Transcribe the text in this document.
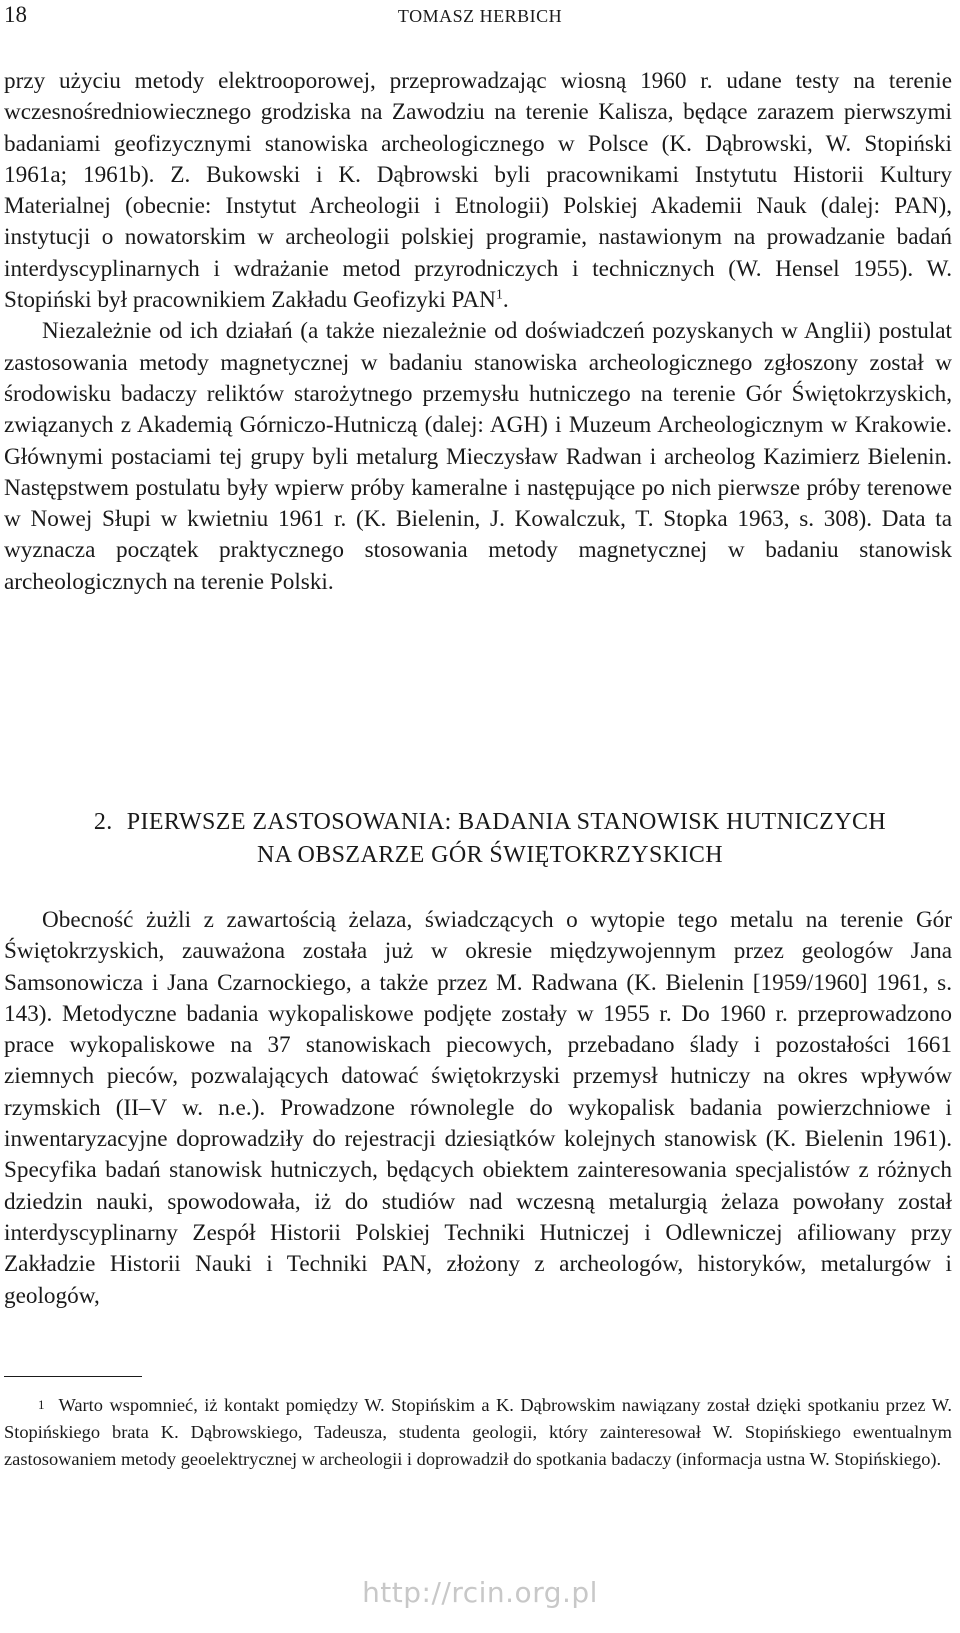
18	TOMASZ HERBICH

przy użyciu metody elektrooporowej, przeprowadzając wiosną 1960 r. udane testy na terenie wczesnośredniowiecznego grodziska na Zawodziu na terenie Kalisza, będące zarazem pierwszymi badaniami geofizycznymi stanowiska archeologicznego w Polsce (K. Dąbrowski, W. Stopiński 1961a; 1961b). Z. Bukowski i K. Dąbrowski byli pracownikami Instytutu Historii Kultury Materialnej (obecnie: Instytut Archeologii i Etnologii) Polskiej Akademii Nauk (dalej: PAN), instytucji o nowatorskim w archeologii polskiej programie, nastawionym na prowadzanie badań interdyscyplinarnych i wdrażanie metod przyrodniczych i technicznych (W. Hensel 1955). W. Stopiński był pracownikiem Zakładu Geofizyki PAN$^1$.

Niezależnie od ich działań (a także niezależnie od doświadczeń pozyskanych w Anglii) postulat zastosowania metody magnetycznej w badaniu stanowiska archeologicznego zgłoszony został w środowisku badaczy reliktów starożytnego przemysłu hutniczego na terenie Gór Świętokrzyskich, związanych z Akademią Górniczo-Hutniczą (dalej: AGH) i Muzeum Archeologicznym w Krakowie. Głównymi postaciami tej grupy byli metalurg Mieczysław Radwan i archeolog Kazimierz Bielenin. Następstwem postulatu były wpierw próby kameralne i następujące po nich pierwsze próby terenowe w Nowej Słupi w kwietniu 1961 r. (K. Bielenin, J. Kowalczuk, T. Stopka 1963, s. 308). Data ta wyznacza początek praktycznego stosowania metody magnetycznej w badaniu stanowisk archeologicznych na terenie Polski.

2. PIERWSZE ZASTOSOWANIA: BADANIA STANOWISK HUTNICZYCH
NA OBSZARZE GÓR ŚWIĘTOKRZYSKICH

Obecność żużli z zawartością żelaza, świadczących o wytopie tego metalu na terenie Gór Świętokrzyskich, zauważona została już w okresie międzywojennym przez geologów Jana Samsonowicza i Jana Czarnockiego, a także przez M. Radwana (K. Bielenin [1959/1960] 1961, s. 143). Metodyczne badania wykopaliskowe podjęte zostały w 1955 r. Do 1960 r. przeprowadzono prace wykopaliskowe na 37 stanowiskach piecowych, przebadano ślady i pozostałości 1661 ziemnych pieców, pozwalających datować świętokrzyski przemysł hutniczy na okres wpływów rzymskich (II–V w. n.e.). Prowadzone równolegle do wykopalisk badania powierzchniowe i inwentaryzacyjne doprowadziły do rejestracji dziesiątków kolejnych stanowisk (K. Bielenin 1961). Specyfika badań stanowisk hutniczych, będących obiektem zainteresowania specjalistów z różnych dziedzin nauki, spowodowała, iż do studiów nad wczesną metalurgią żelaza powołany został interdyscyplinarny Zespół Historii Polskiej Techniki Hutniczej i Odlewniczej afiliowany przy Zakładzie Historii Nauki i Techniki PAN, złożony z archeologów, historyków, metalurgów i geologów,

$^1$ Warto wspomnieć, iż kontakt pomiędzy W. Stopińskim a K. Dąbrowskim nawiązany został dzięki spotkaniu przez W. Stopińskiego brata K. Dąbrowskiego, Tadeusza, studenta geologii, który zainteresował W. Stopińskiego ewentualnym zastosowaniem metody geoelektrycznej w archeologii i doprowadził do spotkania badaczy (informacja ustna W. Stopińskiego).

http://rcin.org.pl
